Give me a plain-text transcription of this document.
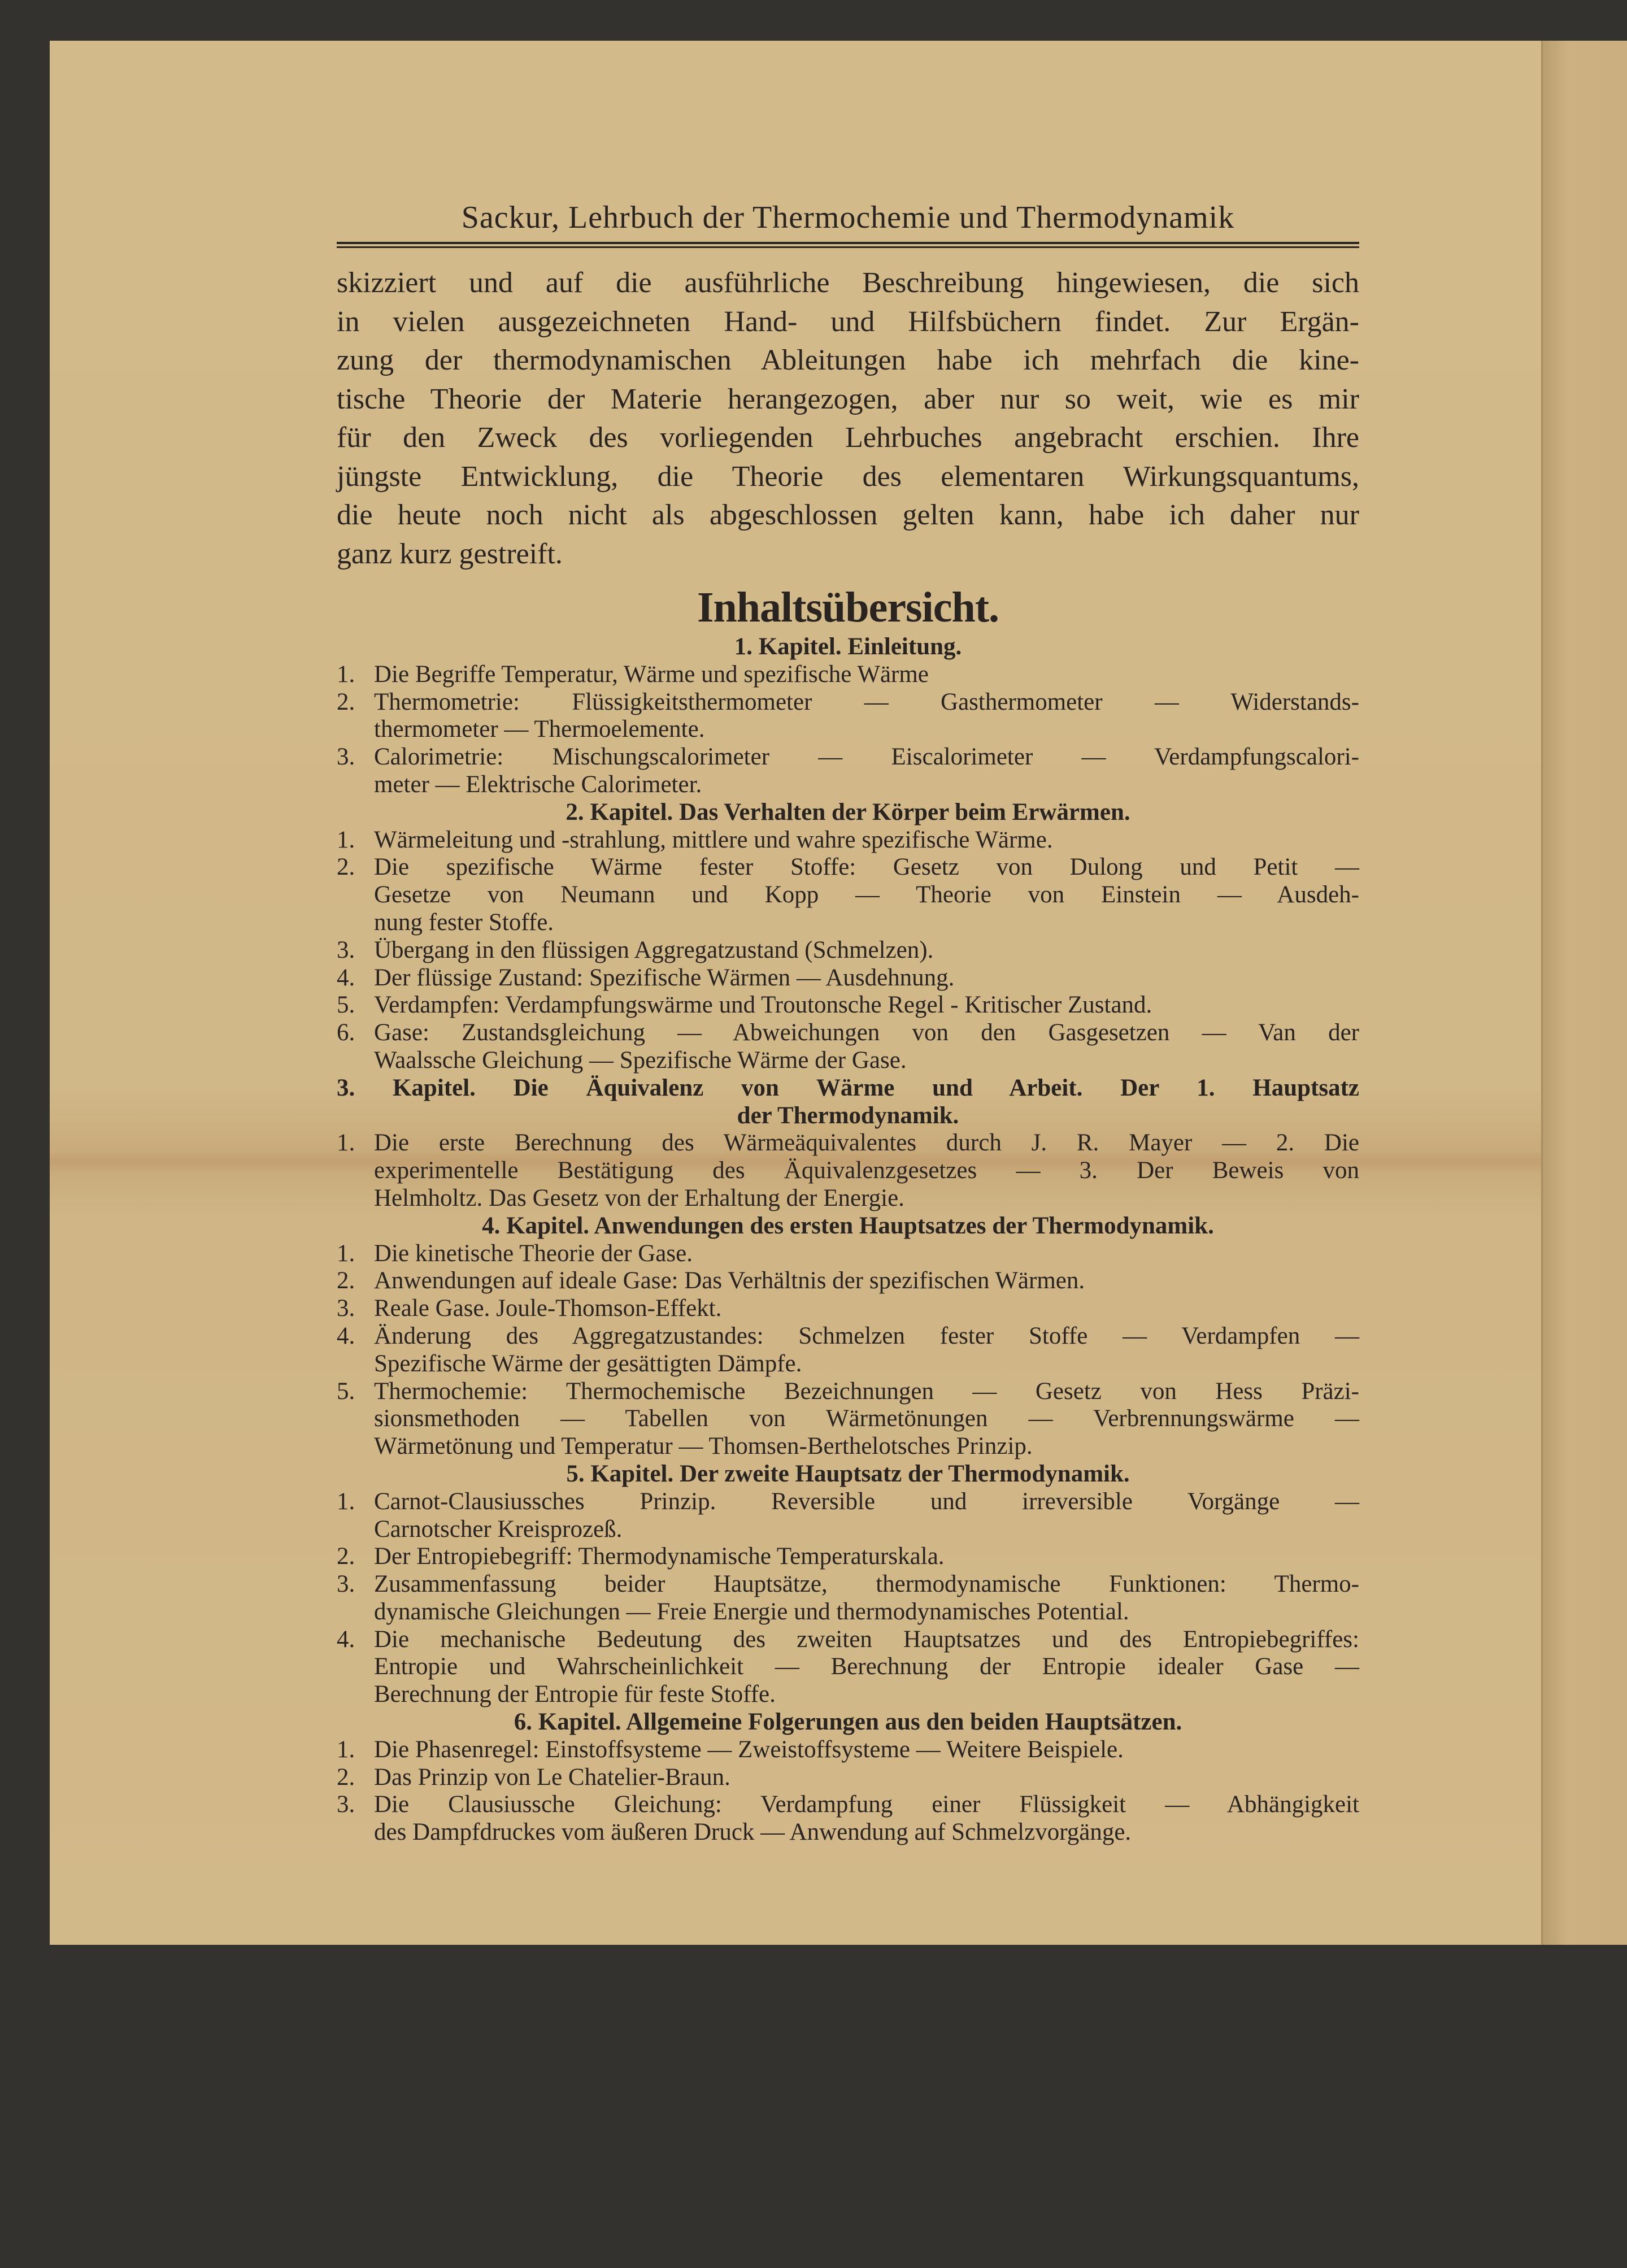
Sackur, Lehrbuch der Thermochemie und Thermodynamik
skizziert und auf die ausführliche Beschreibung hingewiesen, die sich
in vielen ausgezeichneten Hand- und Hilfsbüchern findet. Zur Ergän-
zung der thermodynamischen Ableitungen habe ich mehrfach die kine-
tische Theorie der Materie herangezogen, aber nur so weit, wie es mir
für den Zweck des vorliegenden Lehrbuches angebracht erschien. Ihre
jüngste Entwicklung, die Theorie des elementaren Wirkungsquantums,
die heute noch nicht als abgeschlossen gelten kann, habe ich daher nur
ganz kurz gestreift.
Inhaltsübersicht.
1. Kapitel. Einleitung.
1. Die Begriffe Temperatur, Wärme und spezifische Wärme
2. Thermometrie: Flüssigkeitsthermometer — Gasthermometer — Widerstands-
thermometer — Thermoelemente.
3. Calorimetrie: Mischungscalorimeter — Eiscalorimeter — Verdampfungscalori-
meter — Elektrische Calorimeter.
2. Kapitel. Das Verhalten der Körper beim Erwärmen.
1. Wärmeleitung und -strahlung, mittlere und wahre spezifische Wärme.
2. Die spezifische Wärme fester Stoffe: Gesetz von Dulong und Petit —
Gesetze von Neumann und Kopp — Theorie von Einstein — Ausdeh-
nung fester Stoffe.
3. Übergang in den flüssigen Aggregatzustand (Schmelzen).
4. Der flüssige Zustand: Spezifische Wärmen — Ausdehnung.
5. Verdampfen: Verdampfungswärme und Troutonsche Regel - Kritischer Zustand.
6. Gase: Zustandsgleichung — Abweichungen von den Gasgesetzen — Van der
Waalssche Gleichung — Spezifische Wärme der Gase.
3. Kapitel. Die Äquivalenz von Wärme und Arbeit. Der 1. Hauptsatz
der Thermodynamik.
1. Die erste Berechnung des Wärmeäquivalentes durch J. R. Mayer — 2. Die
experimentelle Bestätigung des Äquivalenzgesetzes — 3. Der Beweis von
Helmholtz. Das Gesetz von der Erhaltung der Energie.
4. Kapitel. Anwendungen des ersten Hauptsatzes der Thermodynamik.
1. Die kinetische Theorie der Gase.
2. Anwendungen auf ideale Gase: Das Verhältnis der spezifischen Wärmen.
3. Reale Gase. Joule-Thomson-Effekt.
4. Änderung des Aggregatzustandes: Schmelzen fester Stoffe — Verdampfen —
Spezifische Wärme der gesättigten Dämpfe.
5. Thermochemie: Thermochemische Bezeichnungen — Gesetz von Hess Präzi-
sionsmethoden — Tabellen von Wärmetönungen — Verbrennungswärme —
Wärmetönung und Temperatur — Thomsen-Berthelotsches Prinzip.
5. Kapitel. Der zweite Hauptsatz der Thermodynamik.
1. Carnot-Clausiussches Prinzip. Reversible und irreversible Vorgänge —
Carnotscher Kreisprozeß.
2. Der Entropiebegriff: Thermodynamische Temperaturskala.
3. Zusammenfassung beider Hauptsätze, thermodynamische Funktionen: Thermo-
dynamische Gleichungen — Freie Energie und thermodynamisches Potential.
4. Die mechanische Bedeutung des zweiten Hauptsatzes und des Entropiebegriffes:
Entropie und Wahrscheinlichkeit — Berechnung der Entropie idealer Gase —
Berechnung der Entropie für feste Stoffe.
6. Kapitel. Allgemeine Folgerungen aus den beiden Hauptsätzen.
1. Die Phasenregel: Einstoffsysteme — Zweistoffsysteme — Weitere Beispiele.
2. Das Prinzip von Le Chatelier-Braun.
3. Die Clausiussche Gleichung: Verdampfung einer Flüssigkeit — Abhängigkeit
des Dampfdruckes vom äußeren Druck — Anwendung auf Schmelzvorgänge.
